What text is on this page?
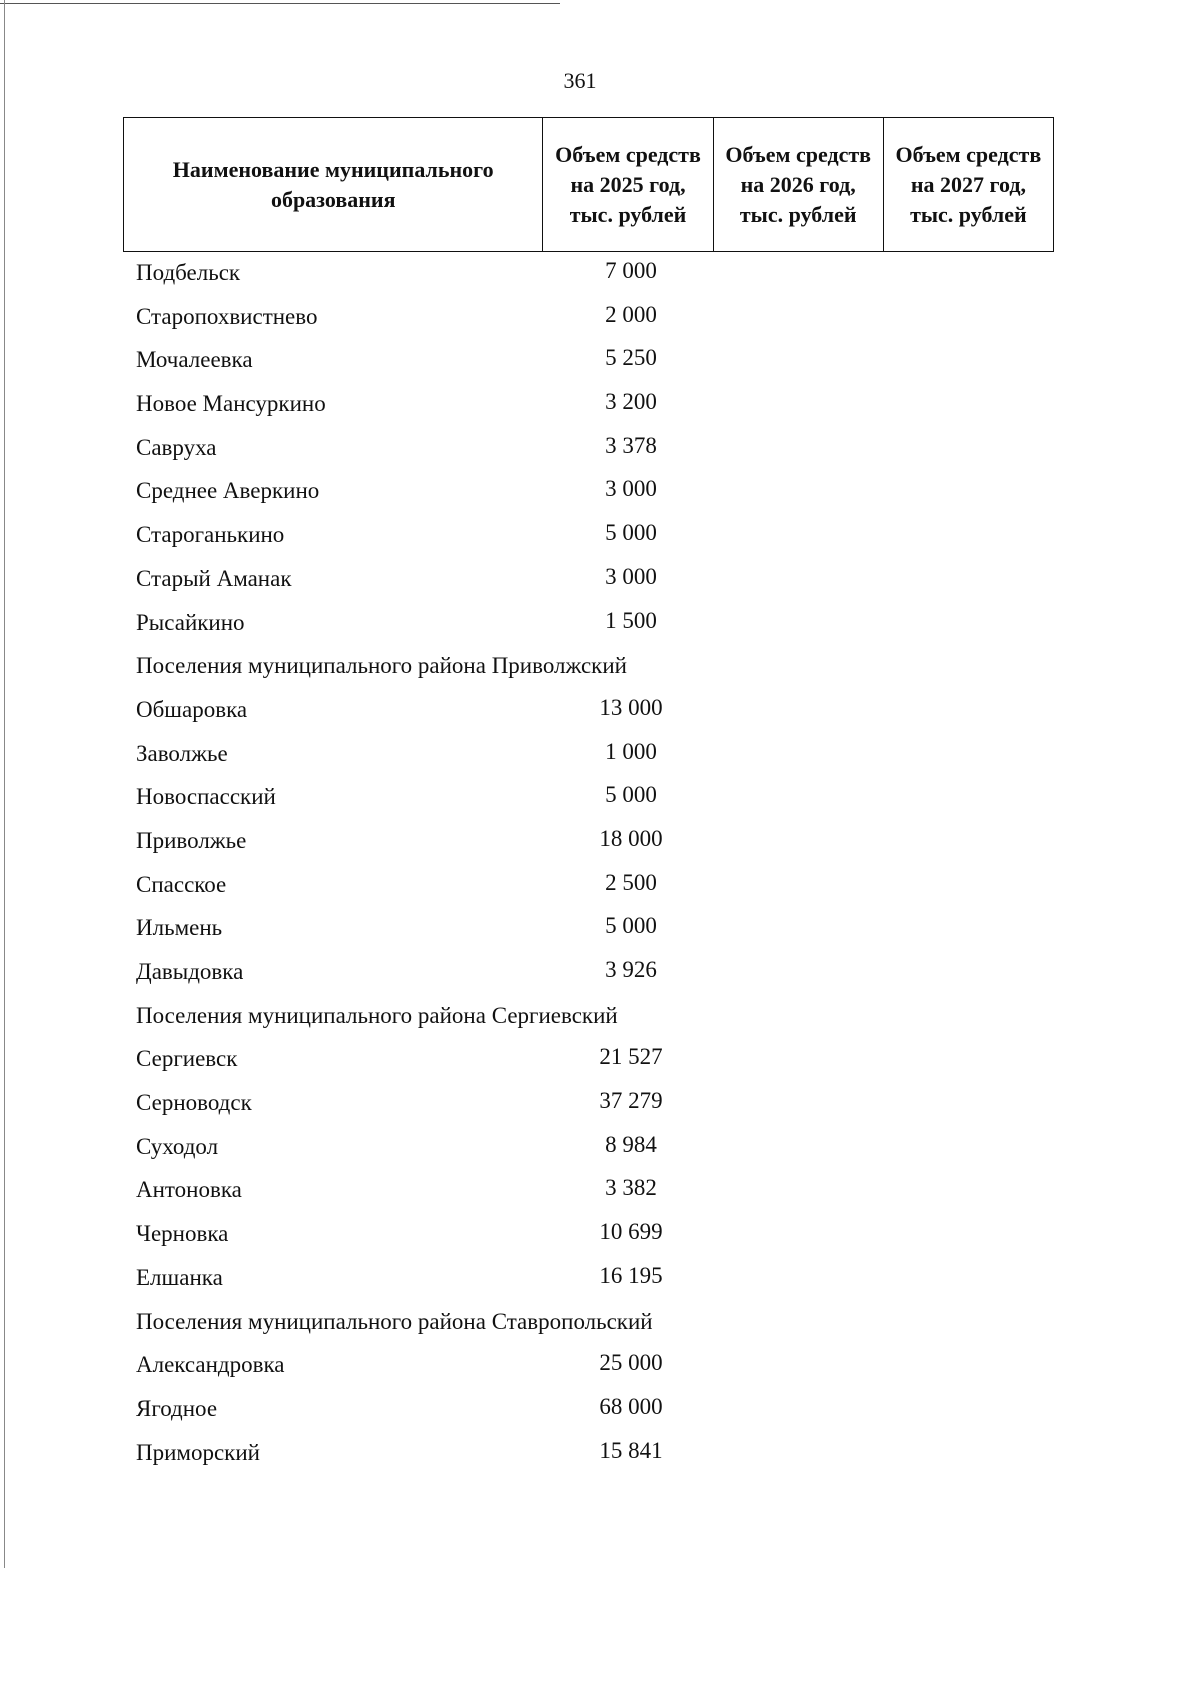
361
Наименование муниципального образования	Объем средств на 2025 год, тыс. рублей	Объем средств на 2026 год, тыс. рублей	Объем средств на 2027 год, тыс. рублей
Подбельск	7 000
Старопохвистнево	2 000
Мочалеевка	5 250
Новое Мансуркино	3 200
Савруха	3 378
Среднее Аверкино	3 000
Староганькино	5 000
Старый Аманак	3 000
Рысайкино	1 500
Поселения муниципального района Приволжский
Обшаровка	13 000
Заволжье	1 000
Новоспасский	5 000
Приволжье	18 000
Спасское	2 500
Ильмень	5 000
Давыдовка	3 926
Поселения муниципального района Сергиевский
Сергиевск	21 527
Серноводск	37 279
Суходол	8 984
Антоновка	3 382
Черновка	10 699
Елшанка	16 195
Поселения муниципального района Ставропольский
Александровка	25 000
Ягодное	68 000
Приморский	15 841
